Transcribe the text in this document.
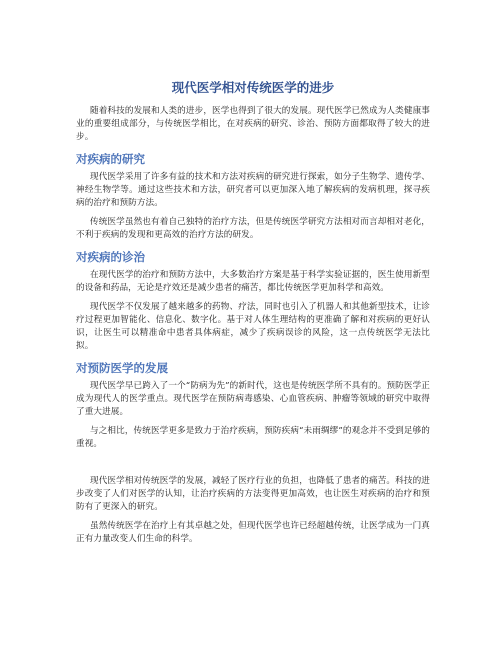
现代医学相对传统医学的进步

随着科技的发展和人类的进步，医学也得到了很大的发展。现代医学已然成为人类健康事业的重要组成部分，与传统医学相比，在对疾病的研究、诊治、预防方面都取得了较大的进步。

对疾病的研究

现代医学采用了许多有益的技术和方法对疾病的研究进行探索，如分子生物学、遗传学、神经生物学等。通过这些技术和方法，研究者可以更加深入地了解疾病的发病机理，探寻疾病的治疗和预防方法。

传统医学虽然也有着自己独特的治疗方法，但是传统医学研究方法相对而言却相对老化，不利于疾病的发现和更高效的治疗方法的研发。

对疾病的诊治

在现代医学的治疗和预防方法中，大多数治疗方案是基于科学实验证据的，医生使用新型的设备和药品，无论是疗效还是减少患者的痛苦，都比传统医学更加科学和高效。

现代医学不仅发展了越来越多的药物、疗法，同时也引入了机器人和其他新型技术，让诊疗过程更加智能化、信息化、数字化。基于对人体生理结构的更准确了解和对疾病的更好认识，让医生可以精准命中患者具体病症，减少了疾病误诊的风险，这一点传统医学无法比拟。

对预防医学的发展

现代医学早已跨入了一个“防病为先”的新时代，这也是传统医学所不具有的。预防医学正成为现代人的医学重点。现代医学在预防病毒感染、心血管疾病、肿瘤等领域的研究中取得了重大进展。

与之相比，传统医学更多是致力于治疗疾病，预防疾病“未雨绸缪”的观念并不受到足够的重视。

现代医学相对传统医学的发展，减轻了医疗行业的负担，也降低了患者的痛苦。科技的进步改变了人们对医学的认知，让治疗疾病的方法变得更加高效，也让医生对疾病的治疗和预防有了更深入的研究。

虽然传统医学在治疗上有其卓越之处，但现代医学也许已经超越传统，让医学成为一门真正有力量改变人们生命的科学。
